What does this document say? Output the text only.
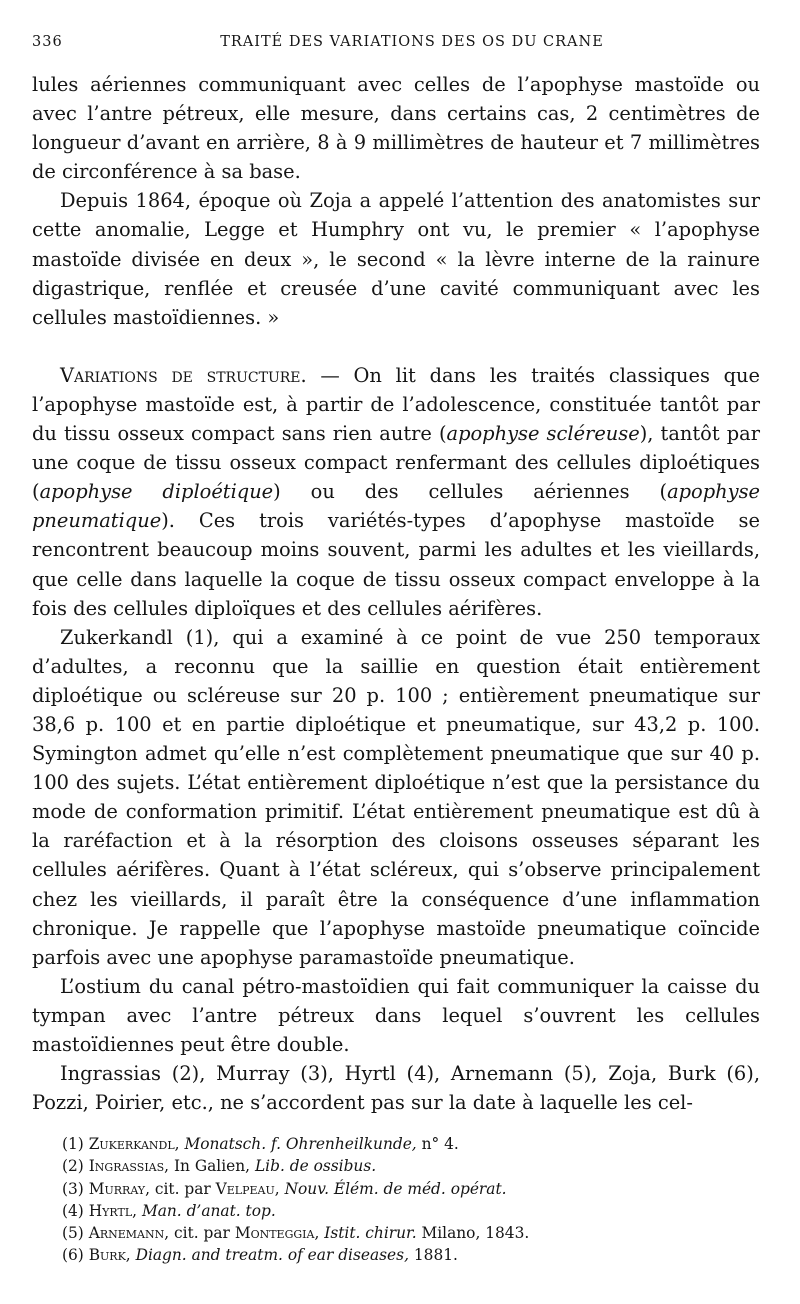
336	TRAITÉ DES VARIATIONS DES OS DU CRANE

lules aériennes communiquant avec celles de l’apophyse mastoïde ou avec l’antre pétreux, elle mesure, dans certains cas, 2 centimètres de longueur d’avant en arrière, 8 à 9 millimètres de hauteur et 7 millimètres de circonférence à sa base.

Depuis 1864, époque où Zoja a appelé l’attention des anatomistes sur cette anomalie, Legge et Humphry ont vu, le premier « l’apophyse mastoïde divisée en deux », le second « la lèvre interne de la rainure digastrique, renflée et creusée d’une cavité communiquant avec les cellules mastoïdiennes. »

Variations de structure. — On lit dans les traités classiques que l’apophyse mastoïde est, à partir de l’adolescence, constituée tantôt par du tissu osseux compact sans rien autre (apophyse scléreuse), tantôt par une coque de tissu osseux compact renfermant des cellules diploétiques (apophyse diploétique) ou des cellules aériennes (apophyse pneumatique). Ces trois variétés-types d’apophyse mastoïde se rencontrent beaucoup moins souvent, parmi les adultes et les vieillards, que celle dans laquelle la coque de tissu osseux compact enveloppe à la fois des cellules diploïques et des cellules aérifères.

Zukerkandl (1), qui a examiné à ce point de vue 250 temporaux d’adultes, a reconnu que la saillie en question était entièrement diploétique ou scléreuse sur 20 p. 100 ; entièrement pneumatique sur 38,6 p. 100 et en partie diploétique et pneumatique, sur 43,2 p. 100. Symington admet qu’elle n’est complètement pneumatique que sur 40 p. 100 des sujets. L’état entièrement diploétique n’est que la persistance du mode de conformation primitif. L’état entièrement pneumatique est dû à la raréfaction et à la résorption des cloisons osseuses séparant les cellules aérifères. Quant à l’état scléreux, qui s’observe principalement chez les vieillards, il paraît être la conséquence d’une inflammation chronique. Je rappelle que l’apophyse mastoïde pneumatique coïncide parfois avec une apophyse paramastoïde pneumatique.

L’ostium du canal pétro-mastoïdien qui fait communiquer la caisse du tympan avec l’antre pétreux dans lequel s’ouvrent les cellules mastoïdiennes peut être double.

Ingrassias (2), Murray (3), Hyrtl (4), Arnemann (5), Zoja, Burk (6), Pozzi, Poirier, etc., ne s’accordent pas sur la date à laquelle les cel-

(1) Zukerkandl, Monatsch. f. Ohrenheilkunde, n° 4.
(2) Ingrassias, In Galien, Lib. de ossibus.
(3) Murray, cit. par Velpeau, Nouv. Élém. de méd. opérat.
(4) Hyrtl, Man. d’anat. top.
(5) Arnemann, cit. par Monteggia, Istit. chirur. Milano, 1843.
(6) Burk, Diagn. and treatm. of ear diseases, 1881.
